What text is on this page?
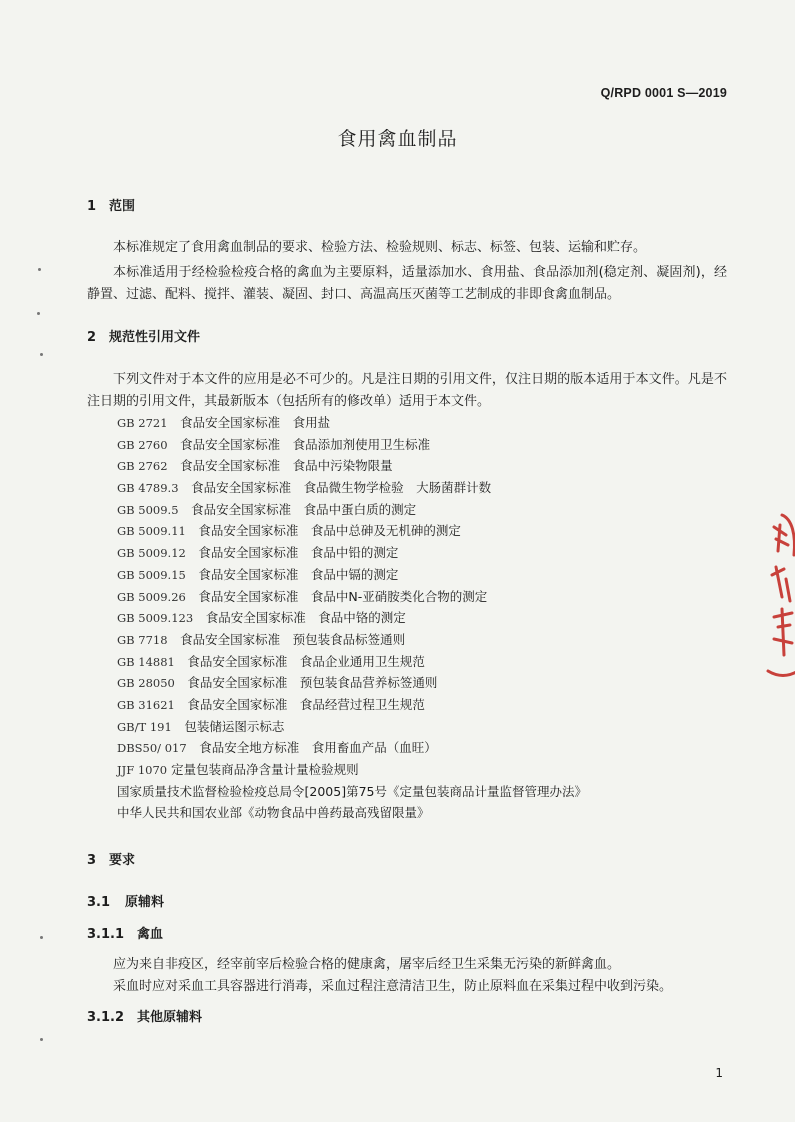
Q/RPD 0001 S—2019
食用禽血制品
1 范围

本标准规定了食用禽血制品的要求、检验方法、检验规则、标志、标签、包装、运输和贮存。

本标准适用于经检验检疫合格的禽血为主要原料，适量添加水、食用盐、食品添加剂(稳定剂、凝固剂)，经静置、过滤、配料、搅拌、灌装、凝固、封口、高温高压灭菌等工艺制成的非即食禽血制品。

2 规范性引用文件

下列文件对于本文件的应用是必不可少的。凡是注日期的引用文件，仅注日期的版本适用于本文件。凡是不注日期的引用文件，其最新版本（包括所有的修改单）适用于本文件。

GB 2721　 食品安全国家标准　食用盐
GB 2760　 食品安全国家标准　食品添加剂使用卫生标准
GB 2762　 食品安全国家标准　食品中污染物限量
GB 4789.3　 食品安全国家标准　食品微生物学检验　大肠菌群计数
GB 5009.5　 食品安全国家标准　食品中蛋白质的测定
GB 5009.11　 食品安全国家标准　食品中总砷及无机砷的测定
GB 5009.12　 食品安全国家标准　食品中铅的测定
GB 5009.15　 食品安全国家标准　食品中镉的测定
GB 5009.26　 食品安全国家标准　食品中N-亚硝胺类化合物的测定
GB 5009.123　 食品安全国家标准　食品中铬的测定
GB 7718　 食品安全国家标准　预包装食品标签通则
GB 14881　 食品安全国家标准　食品企业通用卫生规范
GB 28050　 食品安全国家标准　预包装食品营养标签通则
GB 31621　 食品安全国家标准　食品经营过程卫生规范
GB/T 191　 包装储运图示标志
DBS50/ 017　 食品安全地方标准　食用畜血产品（血旺）
JJF 1070 定量包装商品净含量计量检验规则
国家质量技术监督检验检疫总局令[2005]第75号《定量包装商品计量监督管理办法》
中华人民共和国农业部《动物食品中兽药最高残留限量》
3 要求
3.1 原辅料
3.1.1 禽血

应为来自非疫区，经宰前宰后检验合格的健康禽，屠宰后经卫生采集无污染的新鲜禽血。

采血时应对采血工具容器进行消毒，采血过程注意清洁卫生，防止原料血在采集过程中收到污染。

3.1.2 其他原辅料
1
